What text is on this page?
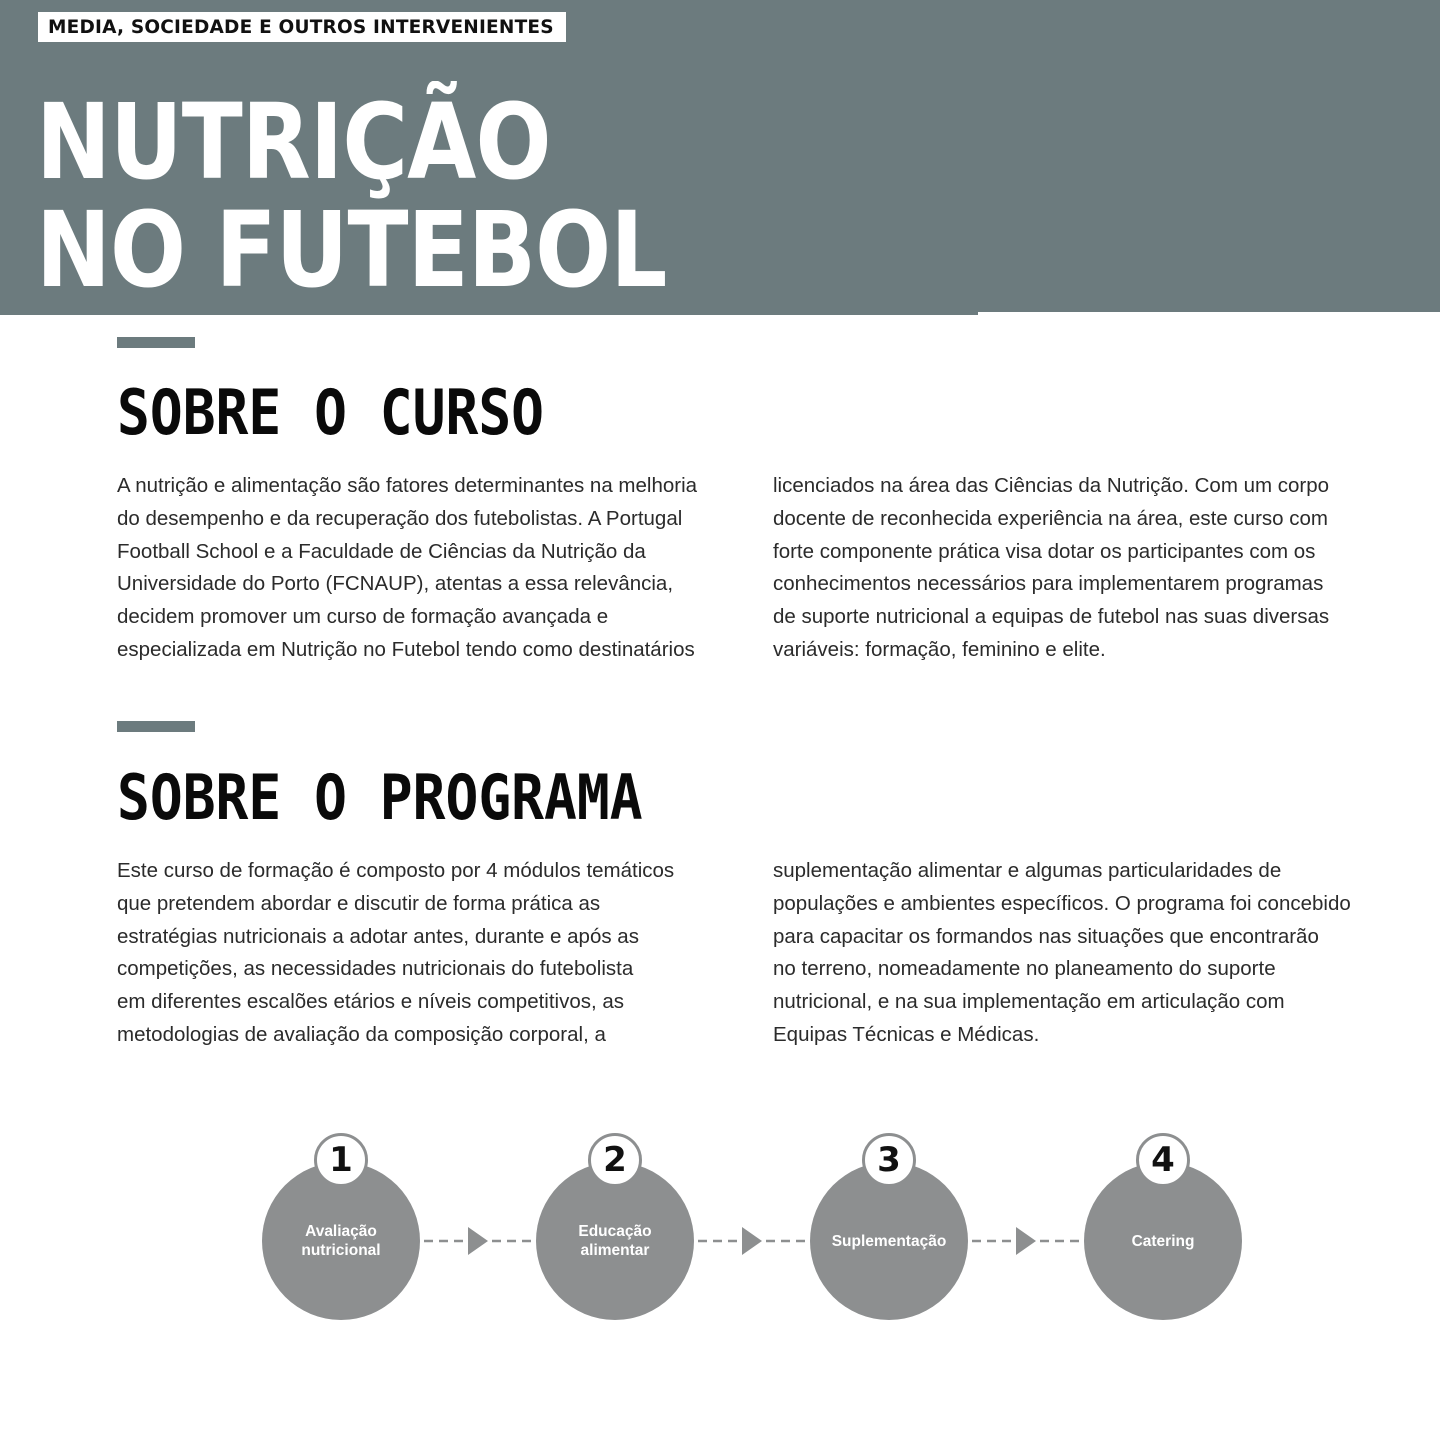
MEDIA, SOCIEDADE E OUTROS INTERVENIENTES
NUTRIÇÃO
NO FUTEBOL
SOBRE O CURSO

A nutrição e alimentação são fatores determinantes na melhoria
do desempenho e da recuperação dos futebolistas. A Portugal
Football School e a Faculdade de Ciências da Nutrição da
Universidade do Porto (FCNAUP), atentas a essa relevância,
decidem promover um curso de formação avançada e
especializada em Nutrição no Futebol tendo como destinatários

licenciados na área das Ciências da Nutrição. Com um corpo
docente de reconhecida experiência na área, este curso com
forte componente prática visa dotar os participantes com os
conhecimentos necessários para implementarem programas
de suporte nutricional a equipas de futebol nas suas diversas
variáveis: formação, feminino e elite.

SOBRE O PROGRAMA

Este curso de formação é composto por 4 módulos temáticos
que pretendem abordar e discutir de forma prática as
estratégias nutricionais a adotar antes, durante e após as
competições, as necessidades nutricionais do futebolista
em diferentes escalões etários e níveis competitivos, as
metodologias de avaliação da composição corporal, a

suplementação alimentar e algumas particularidades de
populações e ambientes específicos. O programa foi concebido
para capacitar os formandos nas situações que encontrarão
no terreno, nomeadamente no planeamento do suporte
nutricional, e na sua implementação em articulação com
Equipas Técnicas e Médicas.

Avaliação
nutricional
1
Educação
alimentar
2
Suplementação
3
Catering
4
